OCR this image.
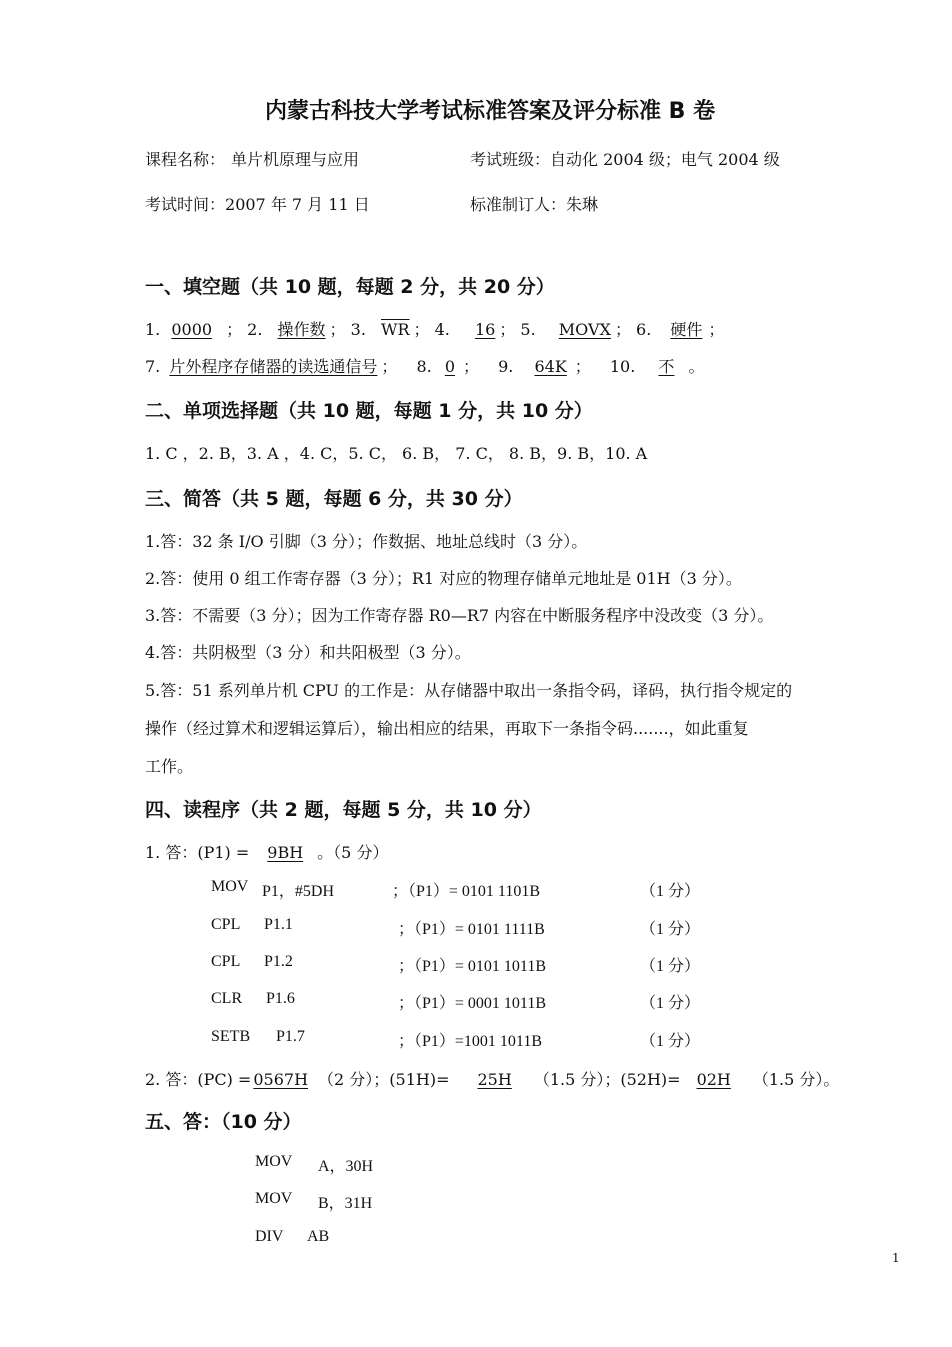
内蒙古科技大学考试标准答案及评分标准 B 卷
课程名称： 单片机原理与应用	考试班级：自动化 2004 级；电气 2004 级
考试时间：2007 年 7 月 11 日	标准制订人：朱琳
一、填空题（共 10 题，每题 2 分，共 20 分）
1. 0000 ； 2. 操作数 ； 3. $\overline{WR}$ ； 4. 16 ； 5. MOVX ； 6. 硬件 ；
7. 片外程序存储器的读选通信号 ； 8. 0 ； 9. 64K ； 10. 不 。
二、单项选择题（共 10 题，每题 1 分，共 10 分）
1. C ，2. B，3. A ，4. C，5. C， 6. B， 7. C， 8. B，9. B，10. A
三、简答（共 5 题，每题 6 分，共 30 分）
1.答：32 条 I/O 引脚（3 分）；作数据、地址总线时（3 分）。
2.答：使用 0 组工作寄存器（3 分）；R1 对应的物理存储单元地址是 01H（3 分）。
3.答：不需要（3 分）；因为工作寄存器 R0—R7 内容在中断服务程序中没改变（3 分）。
4.答：共阴极型（3 分）和共阳极型（3 分）。
5.答：51 系列单片机 CPU 的工作是：从存储器中取出一条指令码，译码，执行指令规定的
操作（经过算术和逻辑运算后），输出相应的结果，再取下一条指令码.......，如此重复
工作。
四、读程序（共 2 题，每题 5 分，共 10 分）
1. 答：(P1) = 9BH 。（5 分）
MOV P1，#5DH	；（P1）= 0101 1101B	（1 分）
CPL P1.1	；（P1）= 0101 1111B	（1 分）
CPL P1.2	；（P1）= 0101 1011B	（1 分）
CLR P1.6	；（P1）= 0001 1011B	（1 分）
SETB P1.7	；（P1）=1001 1011B	（1 分）
2. 答：(PC) = 0567H （2 分）；(51H)= 25H （1.5 分）；(52H)= 02H （1.5 分）。
五、答：（10 分）
MOV A，30H
MOV B，31H
DIV AB
1
